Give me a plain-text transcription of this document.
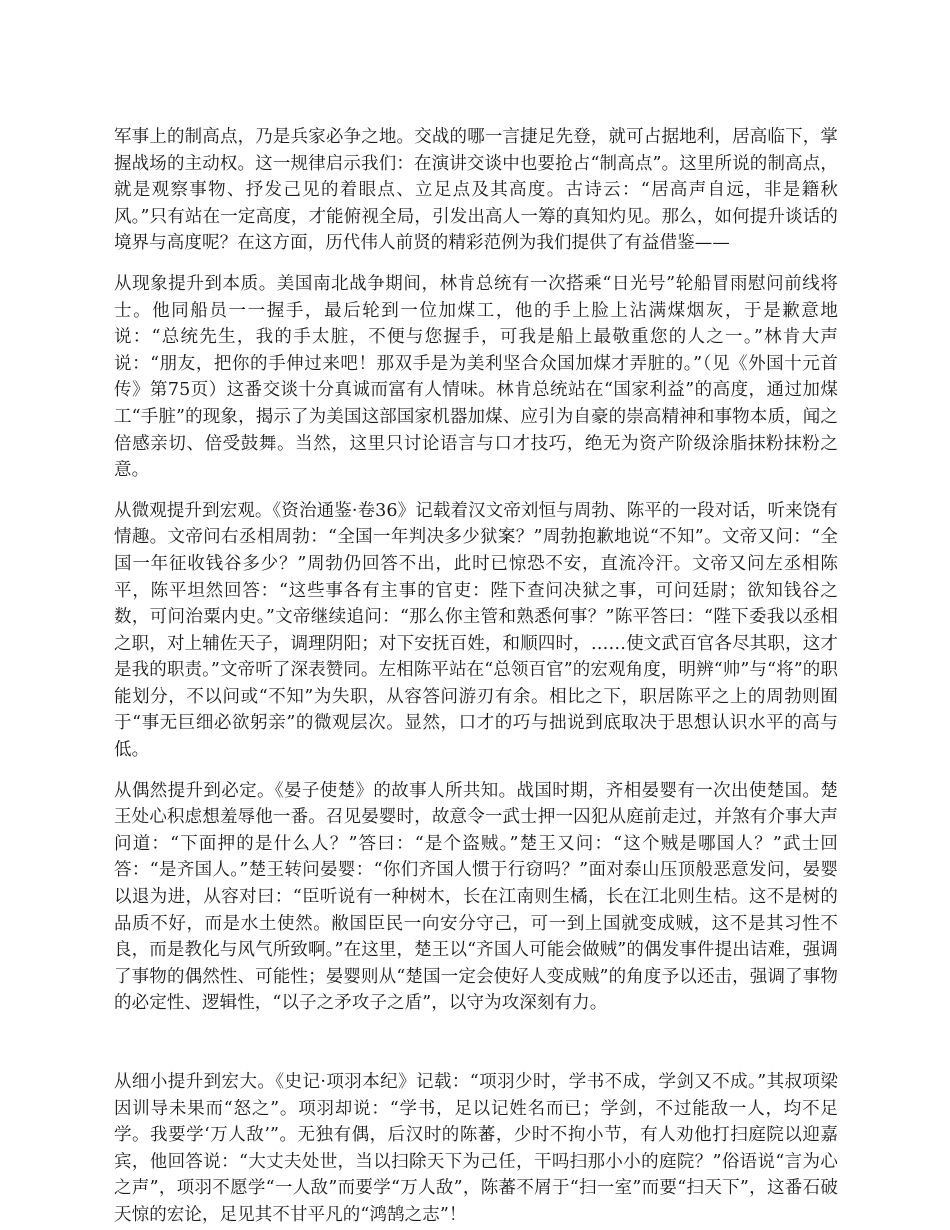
军事上的制高点，乃是兵家必争之地。交战的哪一言捷足先登，就可占据地利，居高临下，掌握战场的主动权。这一规律启示我们：在演讲交谈中也要抢占“制高点”。这里所说的制高点，就是观察事物、抒发己见的着眼点、立足点及其高度。古诗云：“居高声自远，非是籍秋风。”只有站在一定高度，才能俯视全局，引发出高人一筹的真知灼见。那么，如何提升谈话的境界与高度呢？在这方面，历代伟人前贤的精彩范例为我们提供了有益借鉴——

从现象提升到本质。美国南北战争期间，林肯总统有一次搭乘“日光号”轮船冒雨慰问前线将士。他同船员一一握手，最后轮到一位加煤工，他的手上脸上沾满煤烟灰，于是歉意地说：“总统先生，我的手太脏，不便与您握手，可我是船上最敬重您的人之一。”林肯大声说：“朋友，把你的手伸过来吧！那双手是为美利坚合众国加煤才弄脏的。”（见《外国十元首传》第75页）这番交谈十分真诚而富有人情味。林肯总统站在“国家利益”的高度，通过加煤工“手脏”的现象，揭示了为美国这部国家机器加煤、应引为自豪的崇高精神和事物本质，闻之倍感亲切、倍受鼓舞。当然，这里只讨论语言与口才技巧，绝无为资产阶级涂脂抹粉抹粉之意。

从微观提升到宏观。《资治通鉴·卷36》记载着汉文帝刘恒与周勃、陈平的一段对话，听来饶有情趣。文帝问右丞相周勃：“全国一年判决多少狱案？”周勃抱歉地说“不知”。文帝又问：“全国一年征收钱谷多少？”周勃仍回答不出，此时已惊恐不安，直流冷汗。文帝又问左丞相陈平，陈平坦然回答：“这些事各有主事的官吏：陛下查问决狱之事，可问廷尉；欲知钱谷之数，可问治粟内史。”文帝继续追问：“那么你主管和熟悉何事？”陈平答曰：“陛下委我以丞相之职，对上辅佐天子，调理阴阳；对下安抚百姓，和顺四时，……使文武百官各尽其职，这才是我的职责。”文帝听了深表赞同。左相陈平站在“总领百官”的宏观角度，明辨“帅”与“将”的职能划分，不以问或“不知”为失职，从容答问游刃有余。相比之下，职居陈平之上的周勃则囿于“事无巨细必欲躬亲”的微观层次。显然，口才的巧与拙说到底取决于思想认识水平的高与低。

从偶然提升到必定。《晏子使楚》的故事人所共知。战国时期，齐相晏婴有一次出使楚国。楚王处心积虑想羞辱他一番。召见晏婴时，故意令一武士押一囚犯从庭前走过，并煞有介事大声问道：“下面押的是什么人？”答曰：“是个盗贼。”楚王又问：“这个贼是哪国人？”武士回答：“是齐国人。”楚王转问晏婴：“你们齐国人惯于行窃吗？”面对泰山压顶般恶意发问，晏婴以退为进，从容对曰：“臣听说有一种树木，长在江南则生橘，长在江北则生桔。这不是树的品质不好，而是水土使然。敝国臣民一向安分守己，可一到上国就变成贼，这不是其习性不良，而是教化与风气所致啊。”在这里，楚王以“齐国人可能会做贼”的偶发事件提出诘难，强调了事物的偶然性、可能性；晏婴则从“楚国一定会使好人变成贼”的角度予以还击，强调了事物的必定性、逻辑性，“以子之矛攻子之盾”，以守为攻深刻有力。

从细小提升到宏大。《史记·项羽本纪》记载：“项羽少时，学书不成，学剑又不成。”其叔项梁因训导未果而“怒之”。项羽却说：“学书，足以记姓名而已；学剑，不过能敌一人，均不足学。我要学‘万人敌’”。无独有偶，后汉时的陈蕃，少时不拘小节，有人劝他打扫庭院以迎嘉宾，他回答说：“大丈夫处世，当以扫除天下为己任，干吗扫那小小的庭院？”俗语说“言为心之声”，项羽不愿学“一人敌”而要学“万人敌”，陈蕃不屑于“扫一室”而要“扫天下”，这番石破天惊的宏论，足见其不甘平凡的“鸿鹄之志”！
